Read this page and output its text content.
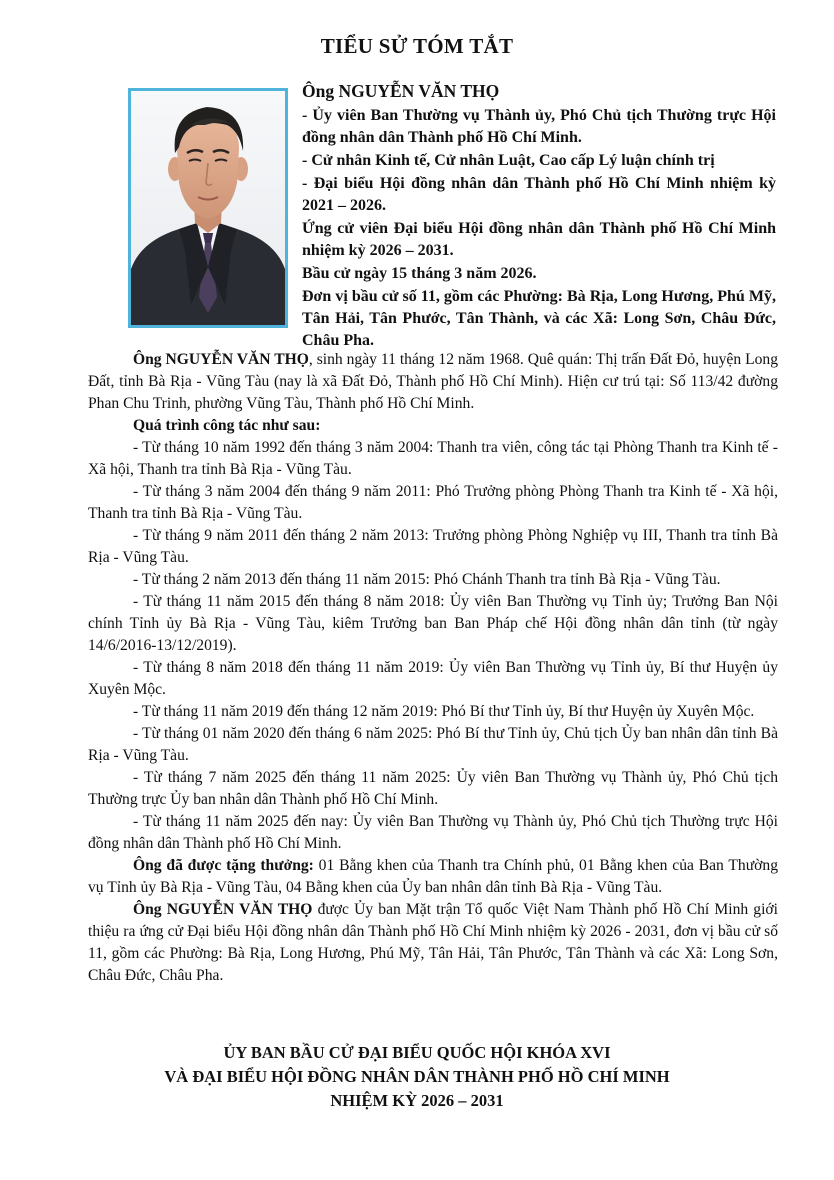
TIỂU SỬ TÓM TẮT
Ông NGUYỄN VĂN THỌ
- Ủy viên Ban Thường vụ Thành ủy, Phó Chủ tịch Thường trực Hội đồng nhân dân Thành phố Hồ Chí Minh.
- Cử nhân Kinh tế, Cử nhân Luật, Cao cấp Lý luận chính trị
- Đại biểu Hội đồng nhân dân Thành phố Hồ Chí Minh nhiệm kỳ 2021 – 2026.
Ứng cử viên Đại biểu Hội đồng nhân dân Thành phố Hồ Chí Minh nhiệm kỳ 2026 – 2031.
Bầu cử ngày 15 tháng 3 năm 2026.
Đơn vị bầu cử số 11, gồm các Phường: Bà Rịa, Long Hương, Phú Mỹ, Tân Hải, Tân Phước, Tân Thành, và các Xã: Long Sơn, Châu Đức, Châu Pha.

Ông NGUYỄN VĂN THỌ, sinh ngày 11 tháng 12 năm 1968. Quê quán: Thị trấn Đất Đỏ, huyện Long Đất, tỉnh Bà Rịa - Vũng Tàu (nay là xã Đất Đỏ, Thành phố Hồ Chí Minh). Hiện cư trú tại: Số 113/42 đường Phan Chu Trinh, phường Vũng Tàu, Thành phố Hồ Chí Minh.

Quá trình công tác như sau:

- Từ tháng 10 năm 1992 đến tháng 3 năm 2004: Thanh tra viên, công tác tại Phòng Thanh tra Kinh tế - Xã hội, Thanh tra tỉnh Bà Rịa - Vũng Tàu.

- Từ tháng 3 năm 2004 đến tháng 9 năm 2011: Phó Trưởng phòng Phòng Thanh tra Kinh tế - Xã hội, Thanh tra tỉnh Bà Rịa - Vũng Tàu.

- Từ tháng 9 năm 2011 đến tháng 2 năm 2013: Trưởng phòng Phòng Nghiệp vụ III, Thanh tra tỉnh Bà Rịa - Vũng Tàu.

- Từ tháng 2 năm 2013 đến tháng 11 năm 2015: Phó Chánh Thanh tra tỉnh Bà Rịa - Vũng Tàu.

- Từ tháng 11 năm 2015 đến tháng 8 năm 2018: Ủy viên Ban Thường vụ Tỉnh ủy; Trưởng Ban Nội chính Tỉnh ủy Bà Rịa - Vũng Tàu, kiêm Trưởng ban Ban Pháp chế Hội đồng nhân dân tỉnh (từ ngày 14/6/2016-13/12/2019).

- Từ tháng 8 năm 2018 đến tháng 11 năm 2019: Ủy viên Ban Thường vụ Tỉnh ủy, Bí thư Huyện ủy Xuyên Mộc.

- Từ tháng 11 năm 2019 đến tháng 12 năm 2019: Phó Bí thư Tỉnh ủy, Bí thư Huyện ủy Xuyên Mộc.

- Từ tháng 01 năm 2020 đến tháng 6 năm 2025: Phó Bí thư Tỉnh ủy, Chủ tịch Ủy ban nhân dân tỉnh Bà Rịa - Vũng Tàu.

- Từ tháng 7 năm 2025 đến tháng 11 năm 2025: Ủy viên Ban Thường vụ Thành ủy, Phó Chủ tịch Thường trực Ủy ban nhân dân Thành phố Hồ Chí Minh.

- Từ tháng 11 năm 2025 đến nay: Ủy viên Ban Thường vụ Thành ủy, Phó Chủ tịch Thường trực Hội đồng nhân dân Thành phố Hồ Chí Minh.

Ông đã được tặng thưởng: 01 Bằng khen của Thanh tra Chính phủ, 01 Bằng khen của Ban Thường vụ Tỉnh ủy Bà Rịa - Vũng Tàu, 04 Bằng khen của Ủy ban nhân dân tỉnh Bà Rịa - Vũng Tàu.

Ông NGUYỄN VĂN THỌ được Ủy ban Mặt trận Tổ quốc Việt Nam Thành phố Hồ Chí Minh giới thiệu ra ứng cử Đại biểu Hội đồng nhân dân Thành phố Hồ Chí Minh nhiệm kỳ 2026 - 2031, đơn vị bầu cử số 11, gồm các Phường: Bà Rịa, Long Hương, Phú Mỹ, Tân Hải, Tân Phước, Tân Thành và các Xã: Long Sơn, Châu Đức, Châu Pha.

ỦY BAN BẦU CỬ ĐẠI BIỂU QUỐC HỘI KHÓA XVI
VÀ ĐẠI BIỂU HỘI ĐỒNG NHÂN DÂN THÀNH PHỐ HỒ CHÍ MINH
NHIỆM KỲ 2026 – 2031
